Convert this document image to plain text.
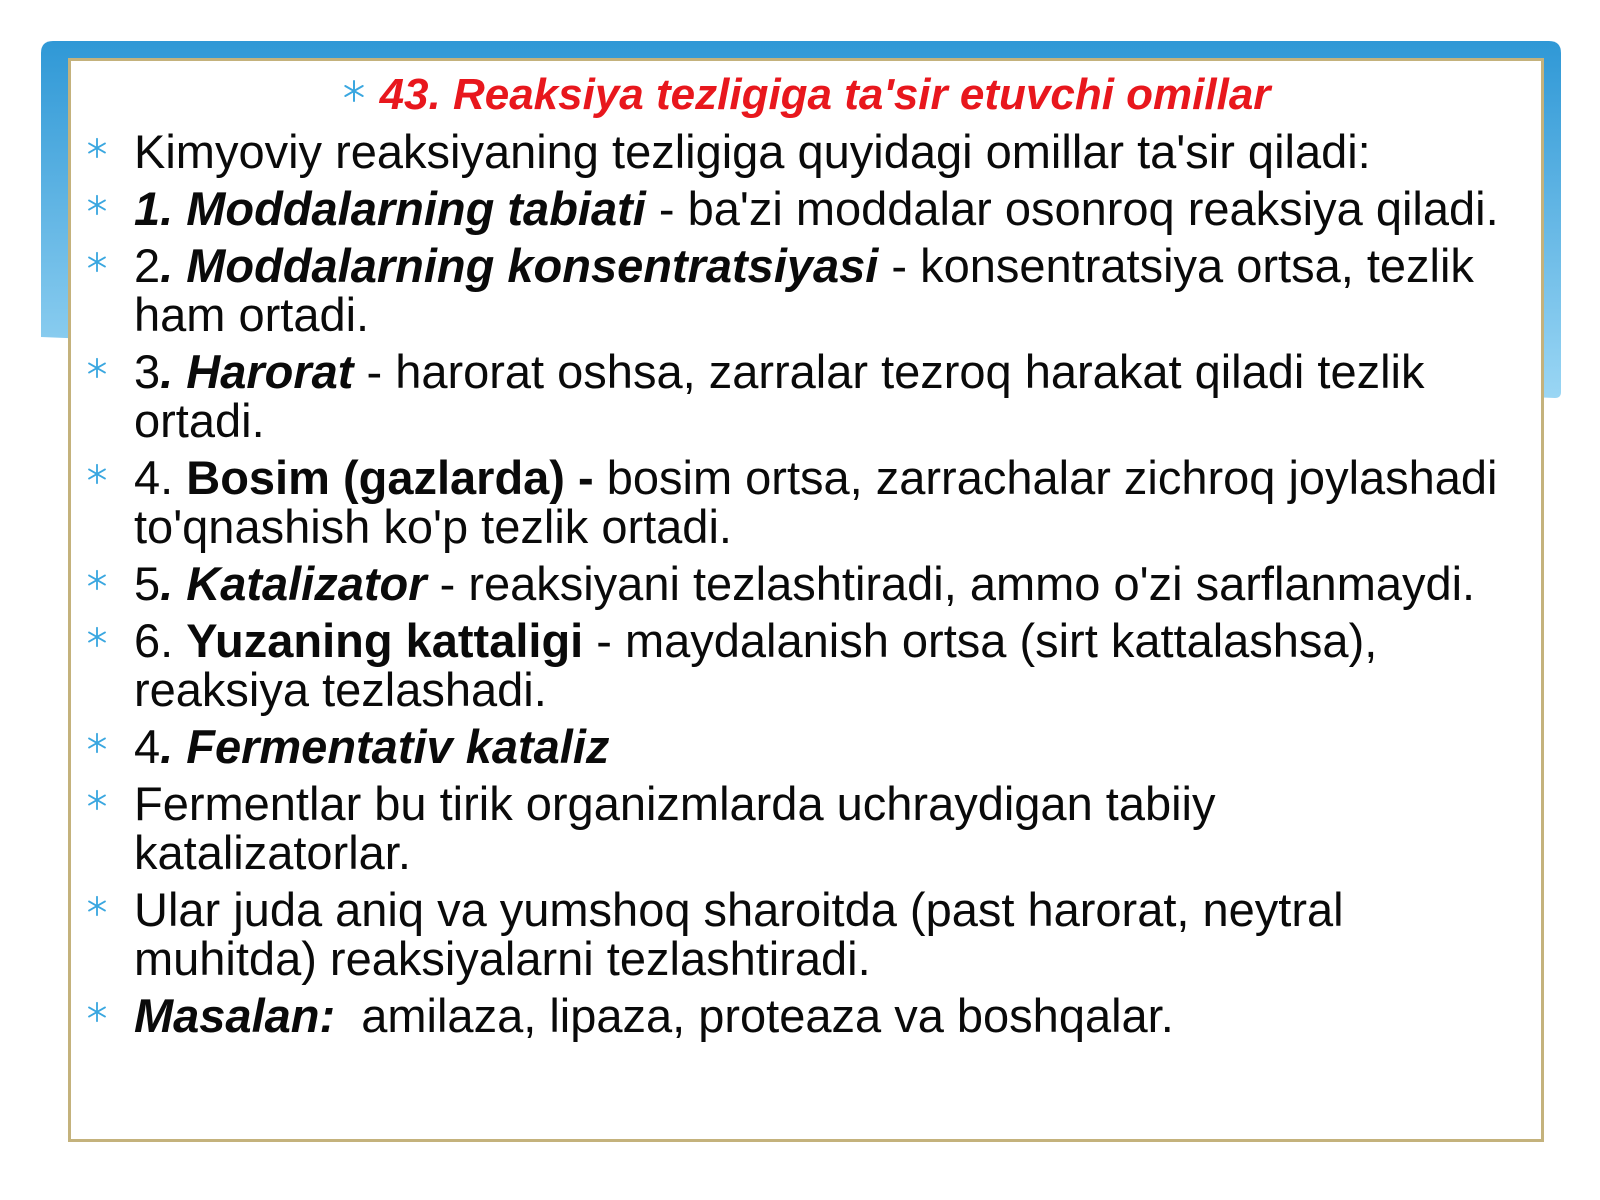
43. Reaksiya tezligiga ta'sir etuvchi omillar
Kimyoviy reaksiyaning tezligiga quyidagi omillar ta'sir qiladi:
1. Moddalarning tabiati - ba'zi moddalar osonroq reaksiya qiladi.
2. Moddalarning konsentratsiyasi - konsentratsiya ortsa, tezlik
ham ortadi.
3. Harorat - harorat oshsa, zarralar tezroq harakat qiladi tezlik
ortadi.
4. Bosim (gazlarda) - bosim ortsa, zarrachalar zichroq joylashadi
to'qnashish ko'p tezlik ortadi.
5. Katalizator - reaksiyani tezlashtiradi, ammo o'zi sarflanmaydi.
6. Yuzaning kattaligi - maydalanish ortsa (sirt kattalashsa),
reaksiya tezlashadi.
4. Fermentativ kataliz
Fermentlar bu tirik organizmlarda uchraydigan tabiiy
katalizatorlar.
Ular juda aniq va yumshoq sharoitda (past harorat, neytral
muhitda) reaksiyalarni tezlashtiradi.
Masalan:  amilaza, lipaza, proteaza va boshqalar.
